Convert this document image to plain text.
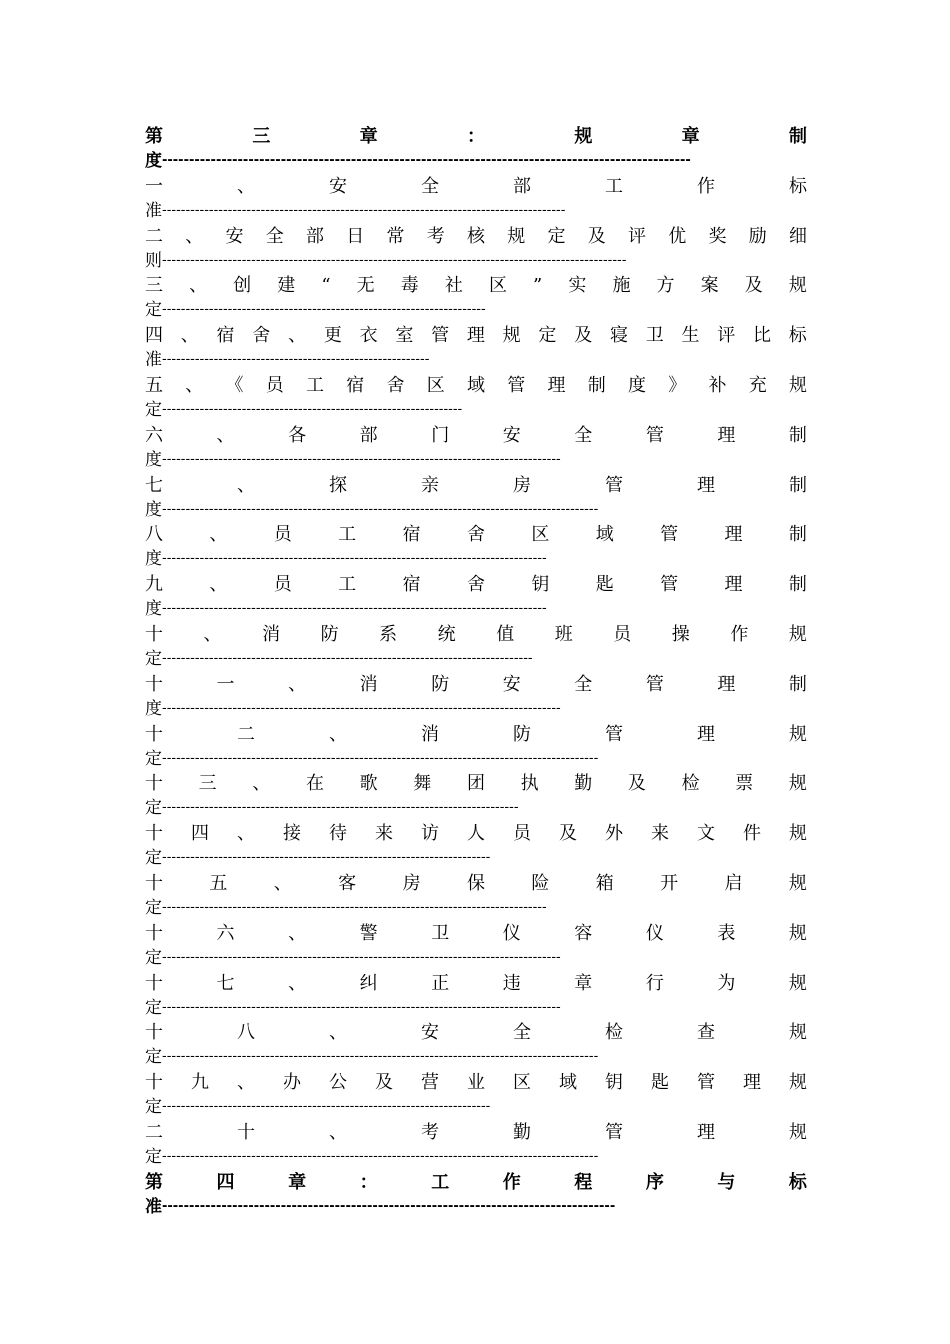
第	三	章	：	规	章	制
度 --------------------------------------------------------------------------------------------------
一	、	安	全	部	工	作	标
准 --------------------------------------------------------------------------------------
二 、 安 全 部 日 常 考 核 规 定 及 评 优 奖 励 细
则 ---------------------------------------------------------------------------------------------------
三 、 创 建 “ 无 毒 社 区 ” 实 施 方 案 及 规
定 ---------------------------------------------------------------------
四 、 宿 舍 、 更 衣 室 管 理 规 定 及 寝 卫 生 评 比 标
准 ---------------------------------------------------------
五 、 《 员 工 宿 舍 区 域 管 理 制 度 》 补 充 规
定 ----------------------------------------------------------------
六	、	各	部	门	安	全	管	理	制
度 -------------------------------------------------------------------------------------
七	、	探	亲	房	管	理	制
度 ---------------------------------------------------------------------------------------------
八	、	员	工	宿	舍	区	域	管	理	制
度 ----------------------------------------------------------------------------------
九	、	员	工	宿	舍	钥	匙	管	理	制
度 ----------------------------------------------------------------------------------
十 、 消 防 系 统 值 班 员 操 作 规
定 -------------------------------------------------------------------------------
十	一	、	消	防	安	全	管	理	制
度 -------------------------------------------------------------------------------------
十	二	、	消	防	管	理	规
定 ---------------------------------------------------------------------------------------------
十 三 、 在 歌 舞 团 执 勤 及 检 票 规
定 ----------------------------------------------------------------------------
十 四 、 接 待 来 访 人 员 及 外 来 文 件 规
定 ----------------------------------------------------------------------
十	五	、	客	房	保	险	箱	开	启	规
定 ----------------------------------------------------------------------------------
十	六	、	警	卫	仪	容	仪	表	规
定 -------------------------------------------------------------------------------------
十	七	、	纠	正	违	章	行	为	规
定 -------------------------------------------------------------------------------------
十	八	、	安	全	检	查	规
定 ---------------------------------------------------------------------------------------------
十 九 、 办 公 及 营 业 区 域 钥 匙 管 理 规
定 ----------------------------------------------------------------------
二	十	、	考	勤	管	理	规
定 ---------------------------------------------------------------------------------------------
第	四	章	：	工	作	程	序	与	标
准 ------------------------------------------------------------------------------------
